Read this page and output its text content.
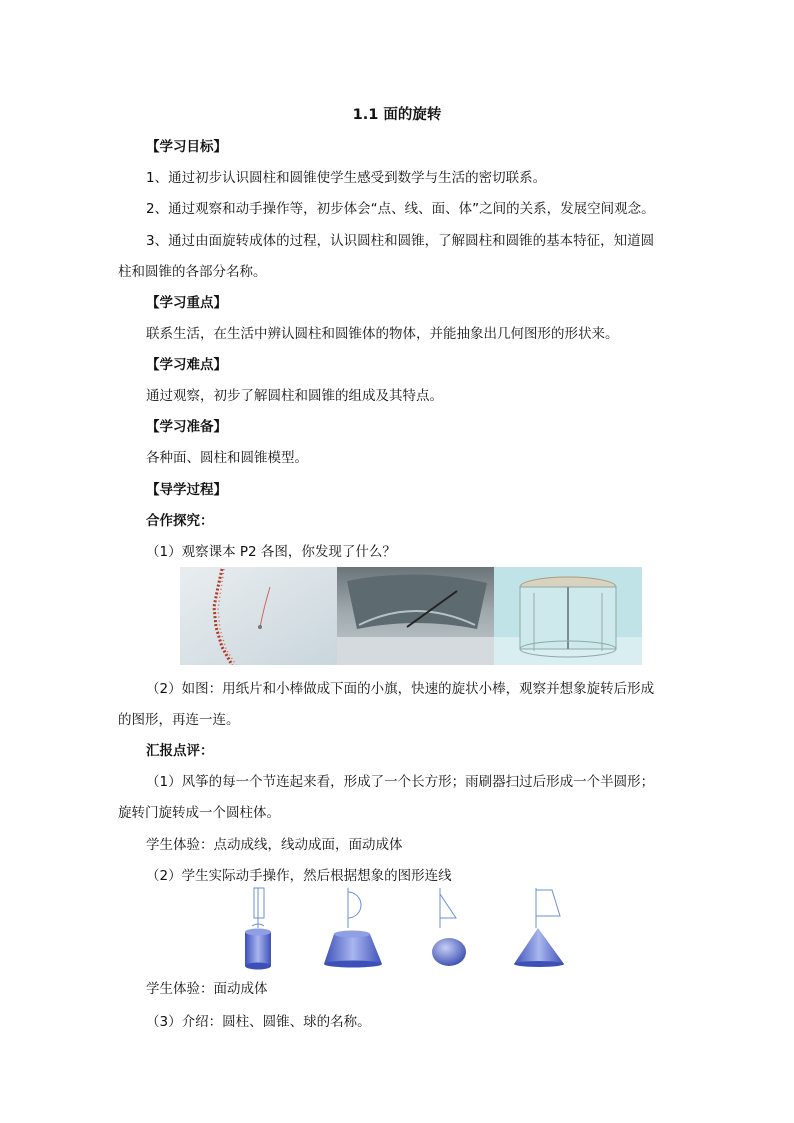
1.1 面的旋转
【学习目标】
1、通过初步认识圆柱和圆锥使学生感受到数学与生活的密切联系。
2、通过观察和动手操作等，初步体会“点、线、面、体”之间的关系，发展空间观念。
3、通过由面旋转成体的过程，认识圆柱和圆锥，了解圆柱和圆锥的基本特征，知道圆
柱和圆锥的各部分名称。
【学习重点】
联系生活，在生活中辨认圆柱和圆锥体的物体，并能抽象出几何图形的形状来。
【学习难点】
通过观察，初步了解圆柱和圆锥的组成及其特点。
【学习准备】
各种面、圆柱和圆锥模型。
【导学过程】
合作探究：
（1）观察课本 P2 各图，你发现了什么？
（2）如图：用纸片和小棒做成下面的小旗，快速的旋状小棒，观察并想象旋转后形成
的图形，再连一连。
汇报点评：
（1）风筝的每一个节连起来看，形成了一个长方形；雨刷器扫过后形成一个半圆形；
旋转门旋转成一个圆柱体。
学生体验：点动成线，线动成面，面动成体
（2）学生实际动手操作，然后根据想象的图形连线
学生体验：面动成体
（3）介绍：圆柱、圆锥、球的名称。
